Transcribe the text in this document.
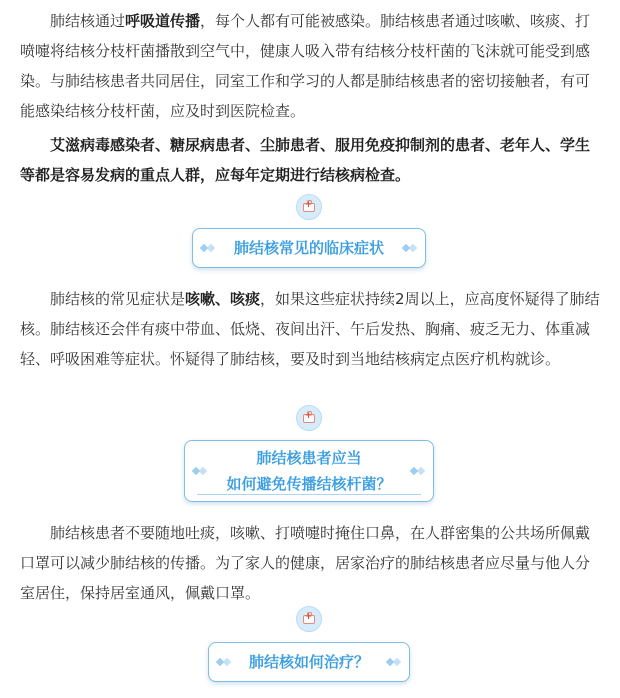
肺结核通过呼吸道传播，每个人都有可能被感染。肺结核患者通过咳嗽、咳痰、打喷嚏将结核分枝杆菌播散到空气中，健康人吸入带有结核分枝杆菌的飞沫就可能受到感染。与肺结核患者共同居住，同室工作和学习的人都是肺结核患者的密切接触者，有可能感染结核分枝杆菌，应及时到医院检查。

艾滋病毒感染者、糖尿病患者、尘肺患者、服用免疫抑制剂的患者、老年人、学生等都是容易发病的重点人群，应每年定期进行结核病检查。

+
肺结核常见的临床症状

肺结核的常见症状是咳嗽、咳痰，如果这些症状持续2周以上，应高度怀疑得了肺结核。肺结核还会伴有痰中带血、低烧、夜间出汗、午后发热、胸痛、疲乏无力、体重减轻、呼吸困难等症状。怀疑得了肺结核，要及时到当地结核病定点医疗机构就诊。

+
肺结核患者应当
如何避免传播结核杆菌？

肺结核患者不要随地吐痰，咳嗽、打喷嚏时掩住口鼻，在人群密集的公共场所佩戴口罩可以减少肺结核的传播。为了家人的健康，居家治疗的肺结核患者应尽量与他人分室居住，保持居室通风，佩戴口罩。

+
肺结核如何治疗？
